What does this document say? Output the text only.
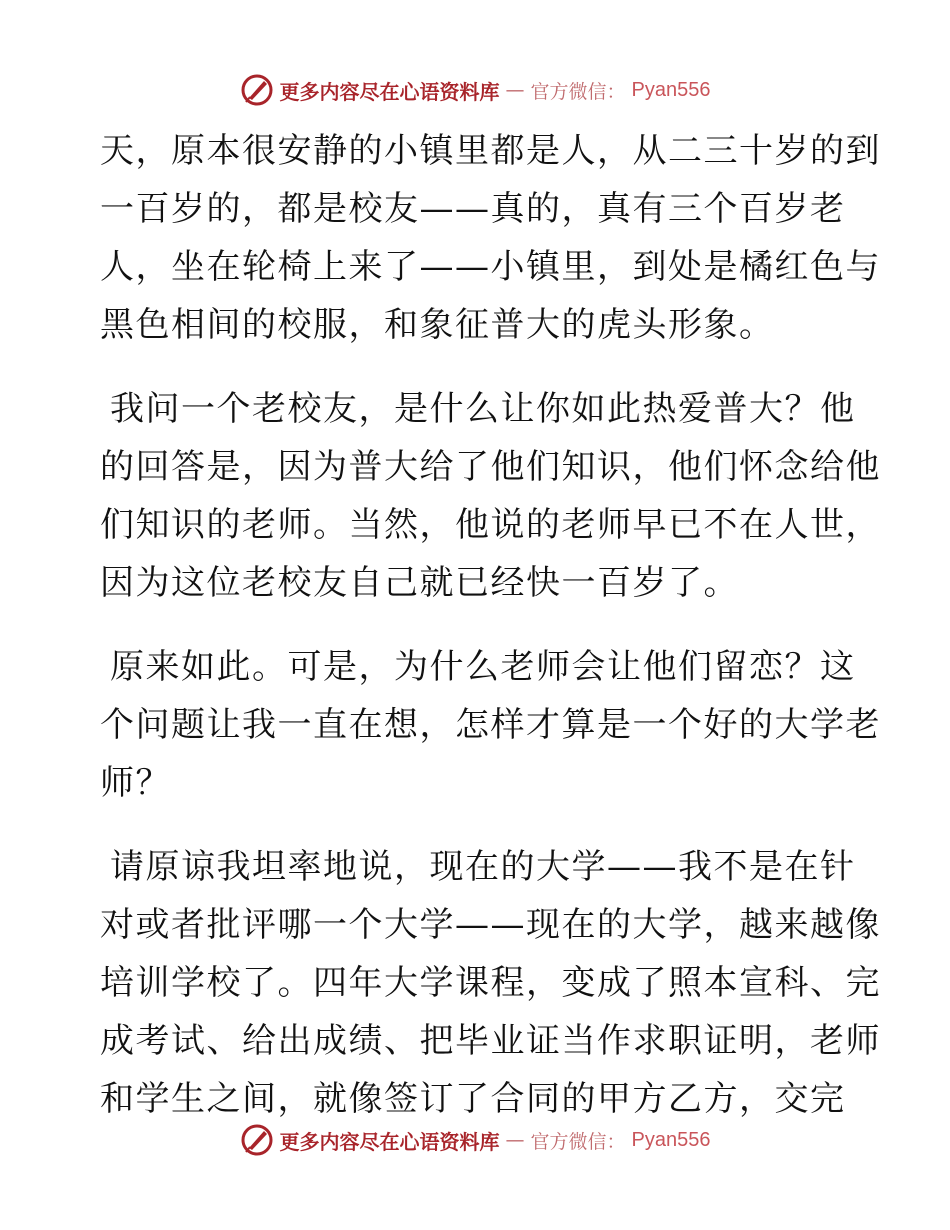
更多内容尽在心语资料库 — 官方微信： Pyan556
天，原本很安静的小镇里都是人，从二三十岁的到
一百岁的，都是校友——真的，真有三个百岁老
人，坐在轮椅上来了——小镇里，到处是橘红色与
黑色相间的校服，和象征普大的虎头形象。
我问一个老校友，是什么让你如此热爱普大？他
的回答是，因为普大给了他们知识，他们怀念给他
们知识的老师。当然，他说的老师早已不在人世，
因为这位老校友自己就已经快一百岁了。
原来如此。可是，为什么老师会让他们留恋？这
个问题让我一直在想，怎样才算是一个好的大学老
师？
请原谅我坦率地说，现在的大学——我不是在针
对或者批评哪一个大学——现在的大学，越来越像
培训学校了。四年大学课程，变成了照本宣科、完
成考试、给出成绩、把毕业证当作求职证明，老师
和学生之间，就像签订了合同的甲方乙方，交完
更多内容尽在心语资料库 — 官方微信： Pyan556
